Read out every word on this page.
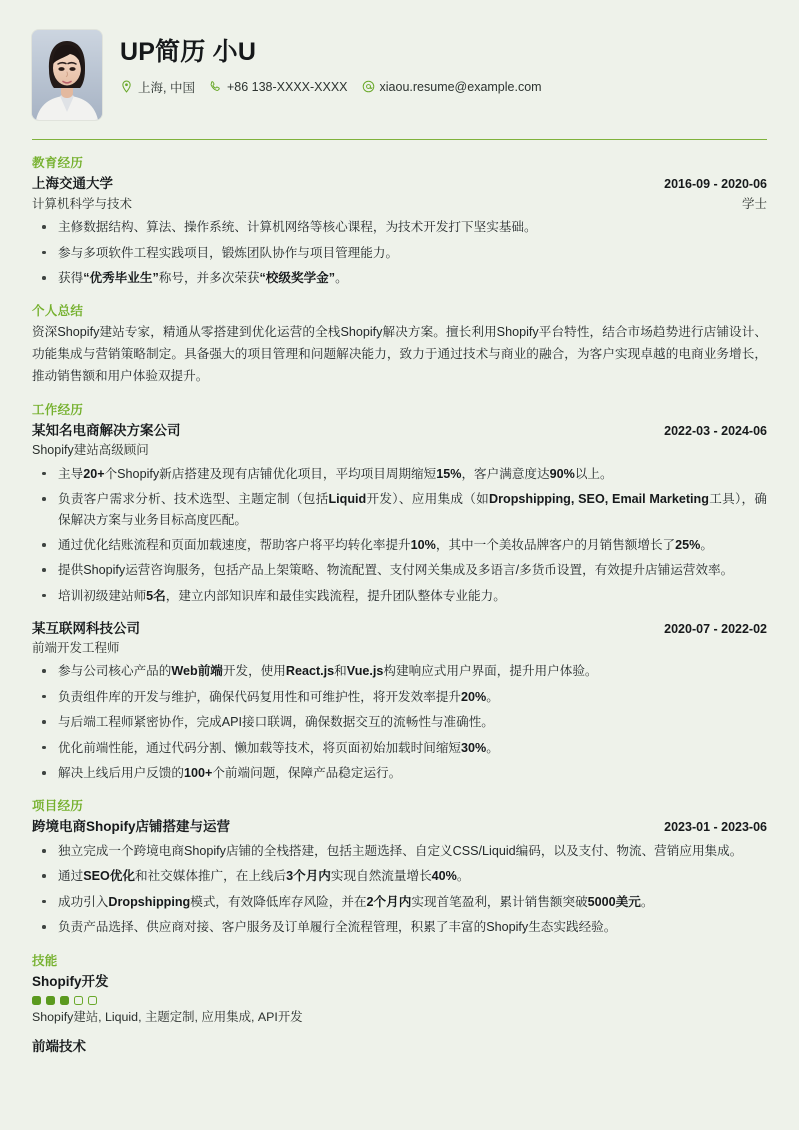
UP简历 小U
上海, 中国	+86 138-XXXX-XXXX	xiaou.resume@example.com
教育经历
上海交通大学	2016-09 - 2020-06
计算机科学与技术	学士
主修数据结构、算法、操作系统、计算机网络等核心课程，为技术开发打下坚实基础。
参与多项软件工程实践项目，锻炼团队协作与项目管理能力。
获得“优秀毕业生”称号，并多次荣获“校级奖学金”。
个人总结

资深Shopify建站专家，精通从零搭建到优化运营的全栈Shopify解决方案。擅长利用Shopify平台特性，结合市场趋势进行店铺设计、功能集成与营销策略制定。具备强大的项目管理和问题解决能力，致力于通过技术与商业的融合，为客户实现卓越的电商业务增长，推动销售额和用户体验双提升。

工作经历
某知名电商解决方案公司	2022-03 - 2024-06
Shopify建站高级顾问
主导20+个Shopify新店搭建及现有店铺优化项目，平均项目周期缩短15%，客户满意度达90%以上。
负责客户需求分析、技术选型、主题定制（包括Liquid开发）、应用集成（如Dropshipping, SEO, Email Marketing工具），确保解决方案与业务目标高度匹配。
通过优化结账流程和页面加载速度，帮助客户将平均转化率提升10%，其中一个美妆品牌客户的月销售额增长了25%。
提供Shopify运营咨询服务，包括产品上架策略、物流配置、支付网关集成及多语言/多货币设置，有效提升店铺运营效率。
培训初级建站师5名，建立内部知识库和最佳实践流程，提升团队整体专业能力。
某互联网科技公司	2020-07 - 2022-02
前端开发工程师
参与公司核心产品的Web前端开发，使用React.js和Vue.js构建响应式用户界面，提升用户体验。
负责组件库的开发与维护，确保代码复用性和可维护性，将开发效率提升20%。
与后端工程师紧密协作，完成API接口联调，确保数据交互的流畅性与准确性。
优化前端性能，通过代码分割、懒加载等技术，将页面初始加载时间缩短30%。
解决上线后用户反馈的100+个前端问题，保障产品稳定运行。
项目经历
跨境电商Shopify店铺搭建与运营	2023-01 - 2023-06
独立完成一个跨境电商Shopify店铺的全栈搭建，包括主题选择、自定义CSS/Liquid编码，以及支付、物流、营销应用集成。
通过SEO优化和社交媒体推广，在上线后3个月内实现自然流量增长40%。
成功引入Dropshipping模式，有效降低库存风险，并在2个月内实现首笔盈利，累计销售额突破5000美元。
负责产品选择、供应商对接、客户服务及订单履行全流程管理，积累了丰富的Shopify生态实践经验。
技能
Shopify开发
Shopify建站, Liquid, 主题定制, 应用集成, API开发
前端技术
